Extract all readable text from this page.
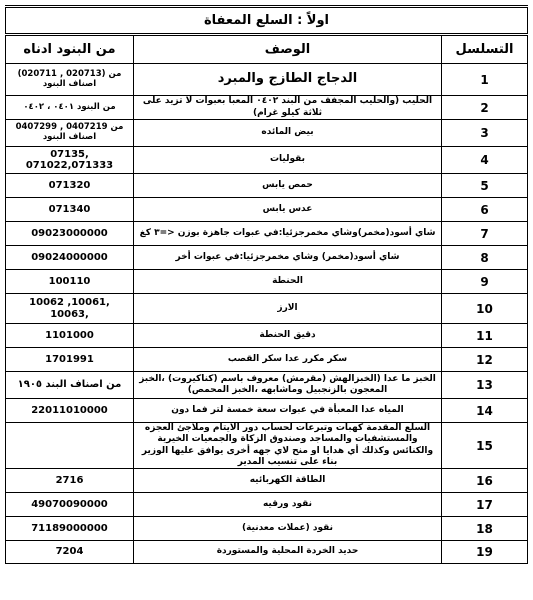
اولاً : السلع المعفاة		
التسلسل	الوصف	من البنود ادناه
1	الدجاج الطازج والمبرد	من (020713 , 020711) اصناف البنود
2	الحليب (والحليب المجفف من البند ٠٤٠٢ المعبأ بعبوات لا تزيد على ثلاثة كيلو غرام)	من البنود ٠٤٠١ ، ٠٤٠٢
3	بيض المائده	من 0407219 , 0407299 اصناف البنود
4	بقوليات	07135, 071022,071333
5	حمص يابس	071320
6	عدس يابس	071340
7	شاي أسود(مخمر)وشاي مخمرجزئيا:في عبوات جاهزة بوزن <=٣ كغ	09023000000
8	شاي أسود(مخمر) وشاي مخمرجزئيا:في عبوات أخر	09024000000
9	الحنطة	100110
10	الارز	10062 ,10061, 10063,
11	دقيق الحنطة	1101000
12	سكر مكرر عدا سكر القصب	1701991
13	الخبز ما عدا (الخبزالهش (مقرمش) معروف باسم (كناكيروت) ،الخبز المعجون بالزنجبيل وماشابهه ،الخبز المحمص)	من اصناف البند ١٩٠٥
14	المياه عدا المعبأة في عبوات سعة خمسة لتر فما دون	22011010000
15	السلع المقدمة كهبات وتبرعات لحساب دور الايتام وملاجئ العجزه والمستشفيات والمساجد وصندوق الزكاة والجمعيات الخيرية والكنائس وكذلك أي هدايا او منح لاي جهه أخرى يوافق عليها الوزير بناء على تنسيب المدير	
16	الطاقة الكهربائيه	2716
17	نقود ورقيه	49070090000
18	نقود (عملات معدنية)	71189000000
19	حديد الخردة المحلية والمستوردة	7204
